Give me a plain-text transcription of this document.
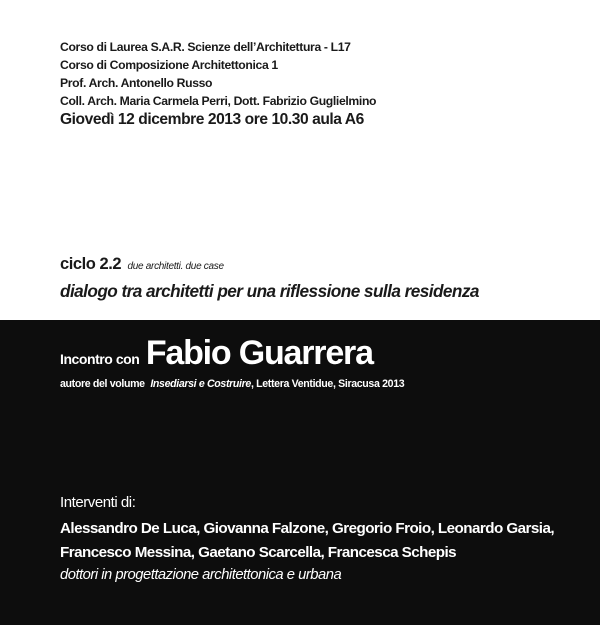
Corso di Laurea S.A.R. Scienze dell’Architettura - L17
Corso di Composizione Architettonica 1
Prof. Arch. Antonello Russo
Coll. Arch. Maria Carmela Perri, Dott. Fabrizio Guglielmino
Giovedì 12 dicembre 2013 ore 10.30 aula A6
ciclo 2.2 due architetti. due case
dialogo tra architetti per una riflessione sulla residenza
Incontro con Fabio Guarrera
autore del volume Insediarsi e Costruire, Lettera Ventidue, Siracusa 2013
Interventi di:
Alessandro De Luca, Giovanna Falzone, Gregorio Froio, Leonardo Garsia,
Francesco Messina, Gaetano Scarcella, Francesca Schepis
dottori in progettazione architettonica e urbana
